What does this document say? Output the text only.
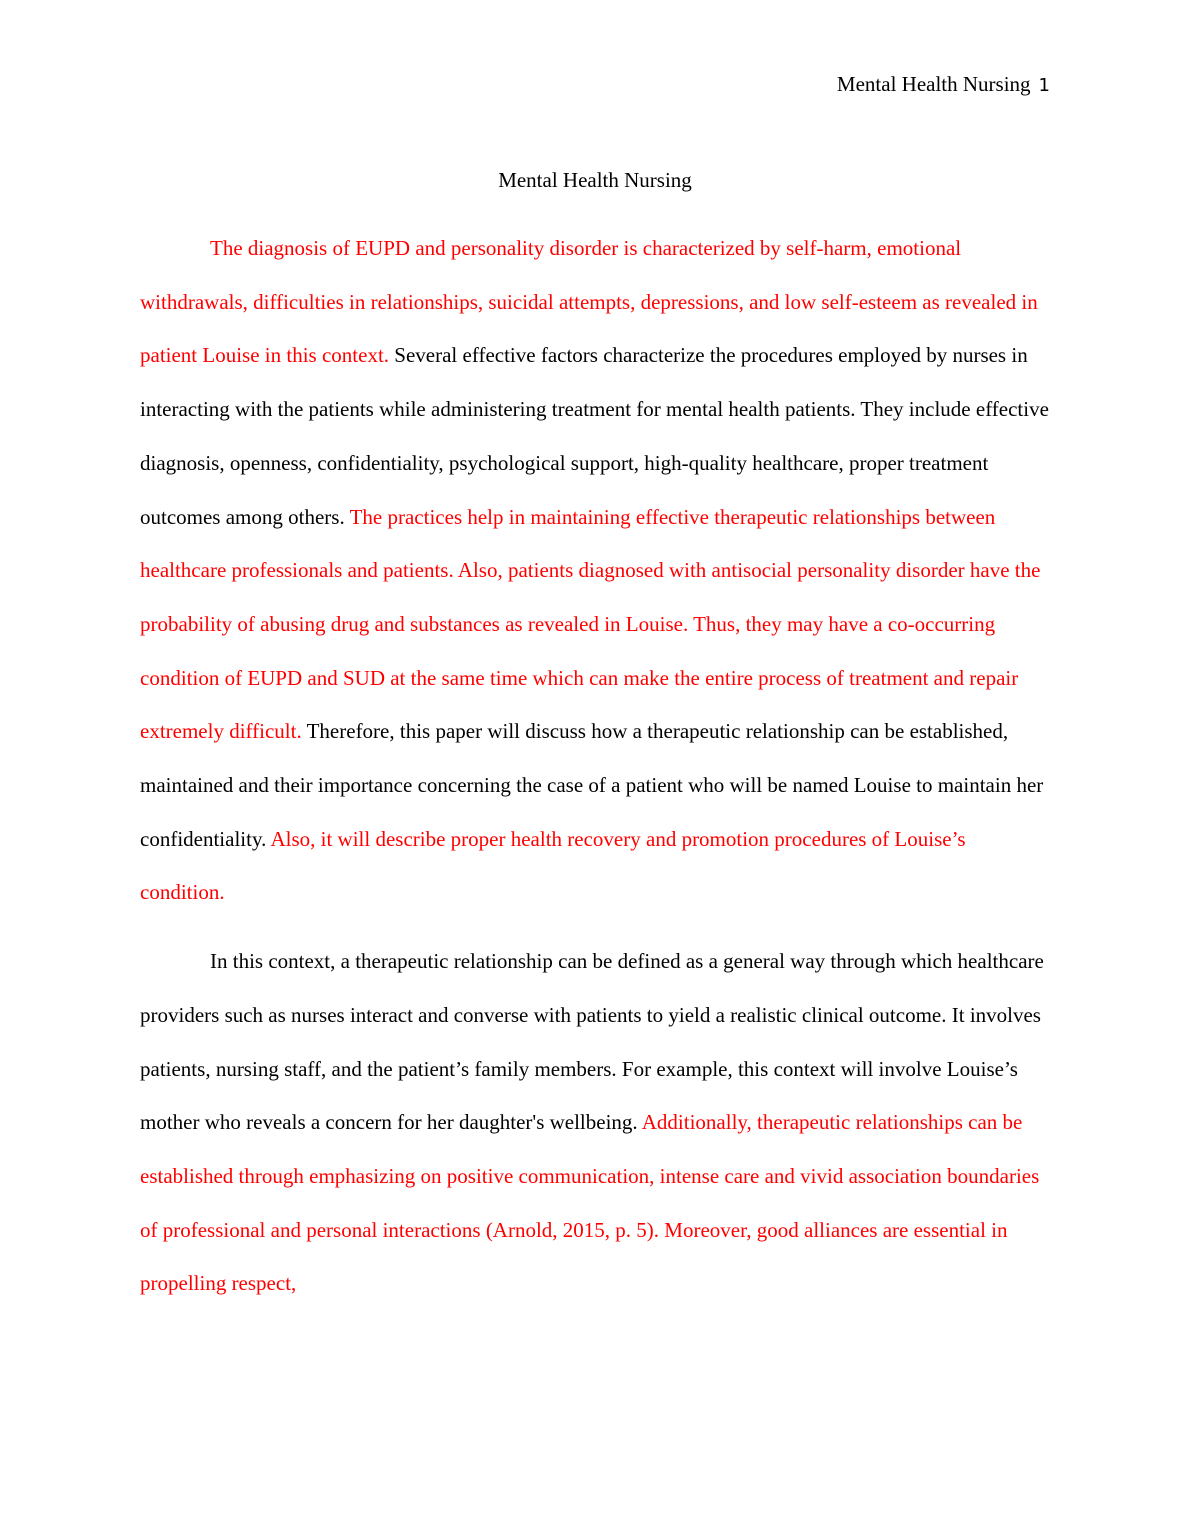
Mental Health Nursing 1
Mental Health Nursing

The diagnosis of EUPD and personality disorder is characterized by self-harm, emotional withdrawals, difficulties in relationships, suicidal attempts, depressions, and low self-esteem as revealed in patient Louise in this context. Several effective factors characterize the procedures employed by nurses in interacting with the patients while administering treatment for mental health patients. They include effective diagnosis, openness, confidentiality, psychological support, high-quality healthcare, proper treatment outcomes among others. The practices help in maintaining effective therapeutic relationships between healthcare professionals and patients. Also, patients diagnosed with antisocial personality disorder have the probability of abusing drug and substances as revealed in Louise. Thus, they may have a co-occurring condition of EUPD and SUD at the same time which can make the entire process of treatment and repair extremely difficult. Therefore, this paper will discuss how a therapeutic relationship can be established, maintained and their importance concerning the case of a patient who will be named Louise to maintain her confidentiality. Also, it will describe proper health recovery and promotion procedures of Louise’s condition.

In this context, a therapeutic relationship can be defined as a general way through which healthcare providers such as nurses interact and converse with patients to yield a realistic clinical outcome. It involves patients, nursing staff, and the patient’s family members. For example, this context will involve Louise’s mother who reveals a concern for her daughter's wellbeing. Additionally, therapeutic relationships can be established through emphasizing on positive communication, intense care and vivid association boundaries of professional and personal interactions (Arnold, 2015, p. 5). Moreover, good alliances are essential in propelling respect,
